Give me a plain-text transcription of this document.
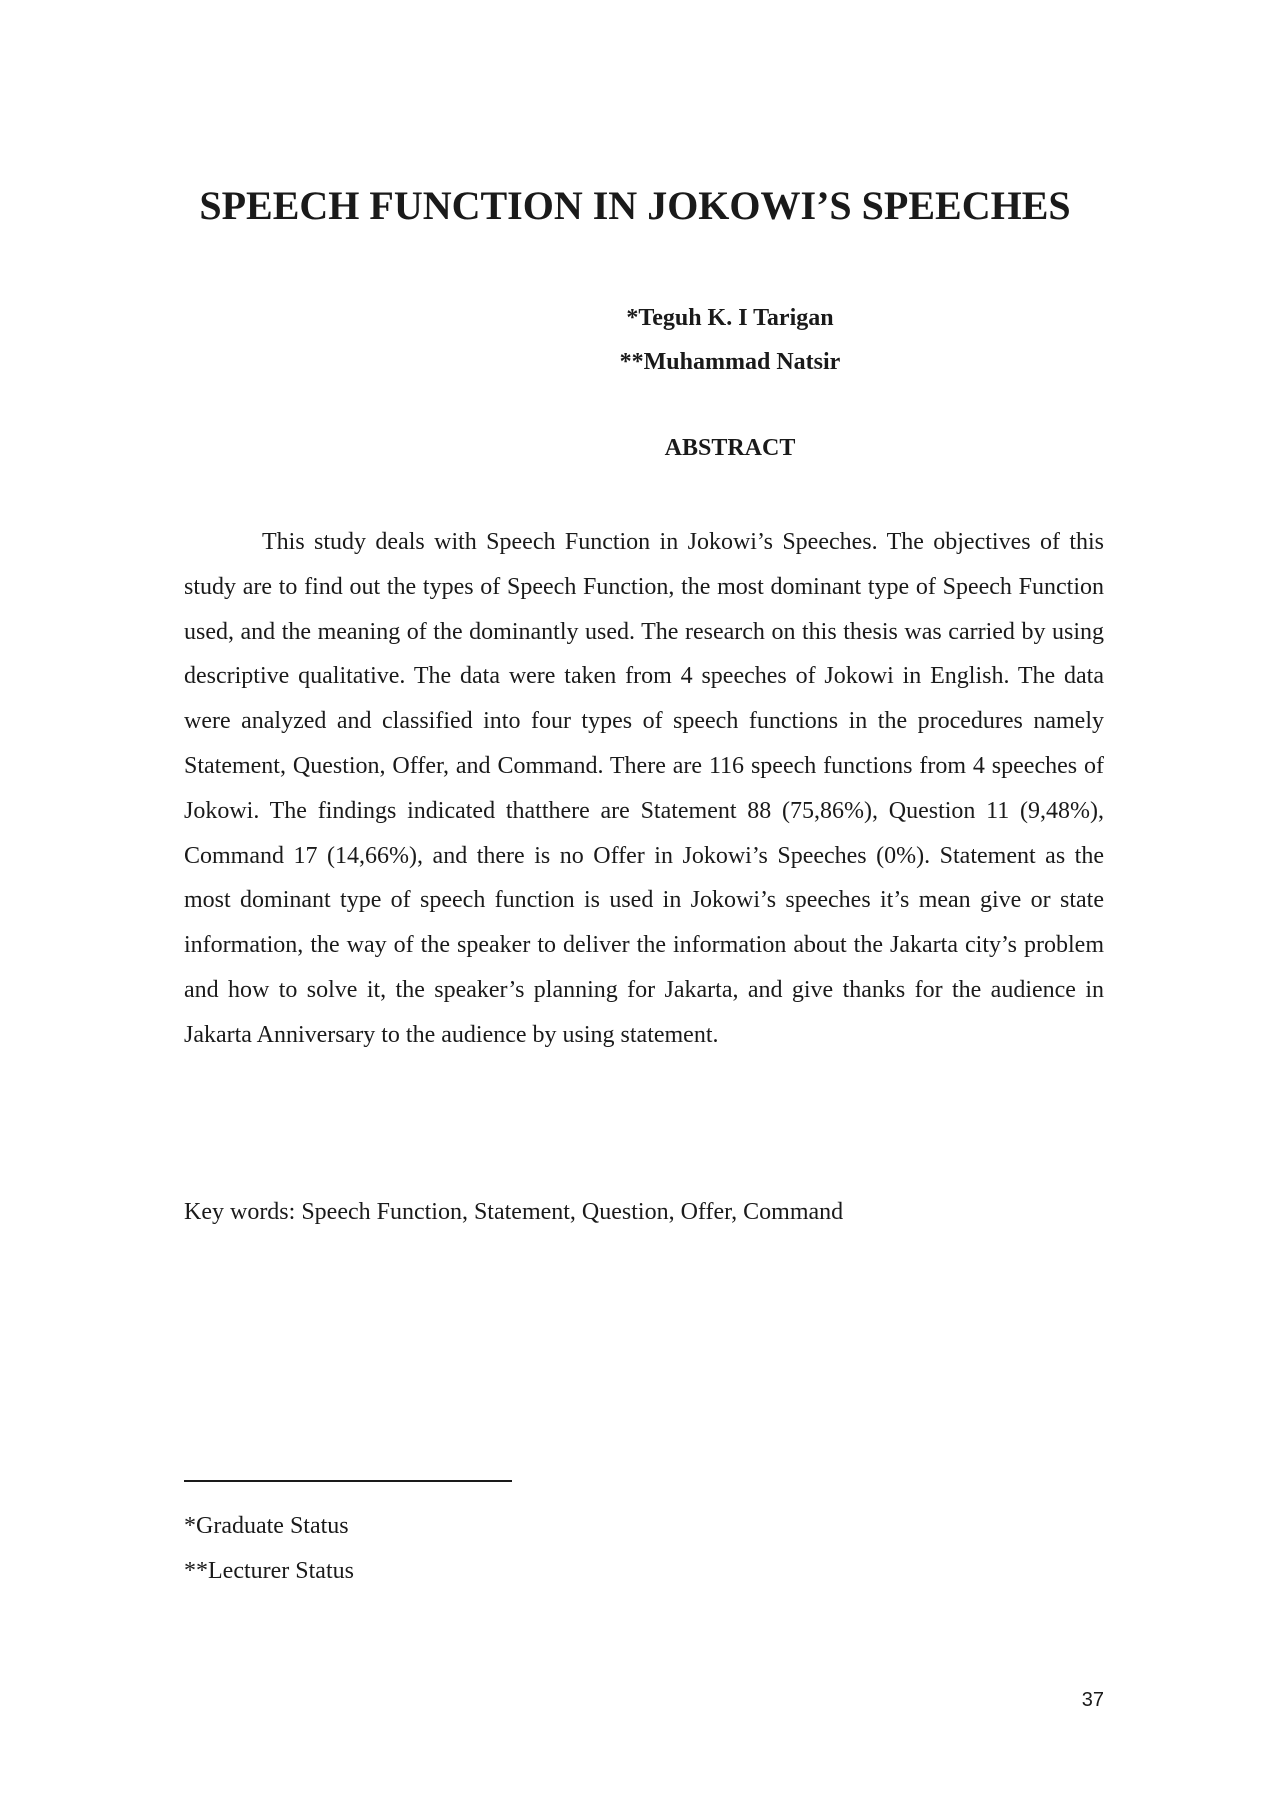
SPEECH FUNCTION IN JOKOWI’S SPEECHES
*Teguh K. I Tarigan
**Muhammad Natsir
ABSTRACT

This study deals with Speech Function in Jokowi’s Speeches. The objectives of this study are to find out the types of Speech Function, the most dominant type of Speech Function used, and the meaning of the dominantly used. The research on this thesis was carried by using descriptive qualitative. The data were taken from 4 speeches of Jokowi in English. The data were analyzed and classified into four types of speech functions in the procedures namely Statement, Question, Offer, and Command. There are 116 speech functions from 4 speeches of Jokowi. The findings indicated thatthere are Statement 88 (75,86%), Question 11 (9,48%), Command 17 (14,66%), and there is no Offer in Jokowi’s Speeches (0%). Statement as the most dominant type of speech function is used in Jokowi’s speeches it’s mean give or state information, the way of the speaker to deliver the information about the Jakarta city’s problem and how to solve it, the speaker’s planning for Jakarta, and give thanks for the audience in Jakarta Anniversary to the audience by using statement.

Key words: Speech Function, Statement, Question, Offer, Command

*Graduate Status
**Lecturer Status
37
